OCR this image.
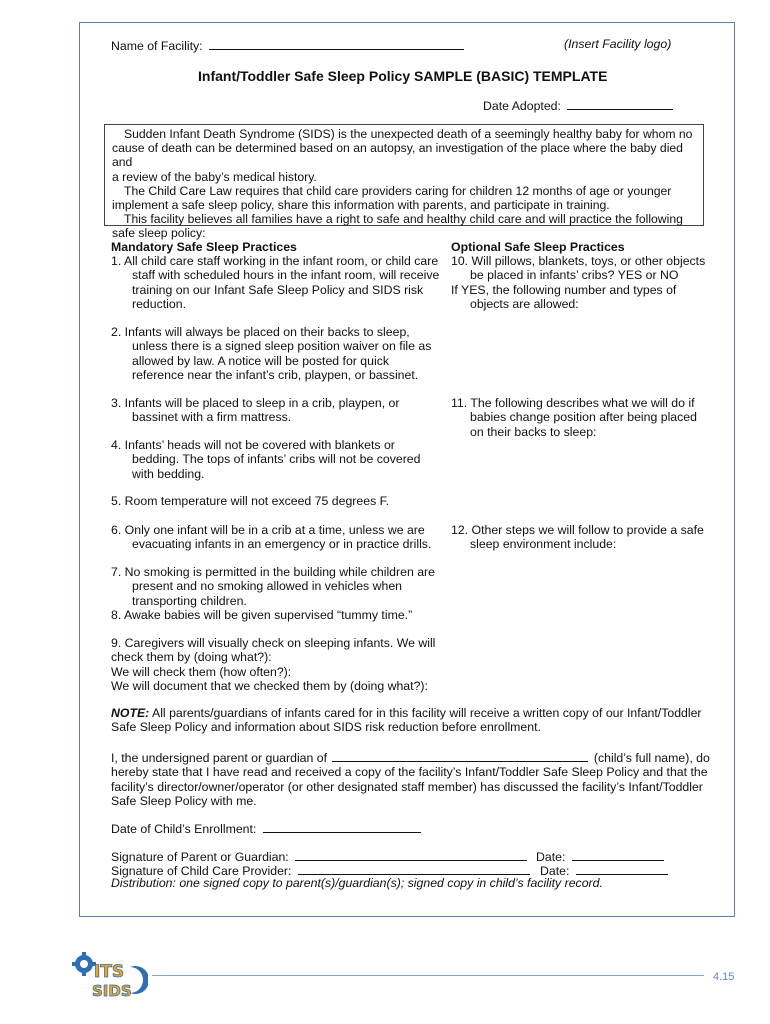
Name of Facility:	(Insert Facility logo)
Infant/Toddler Safe Sleep Policy SAMPLE (BASIC) TEMPLATE
Date Adopted:

Sudden Infant Death Syndrome (SIDS) is the unexpected death of a seemingly healthy baby for whom no

cause of death can be determined based on an autopsy, an investigation of the place where the baby died and

a review of the baby’s medical history.

The Child Care Law requires that child care providers caring for children 12 months of age or younger

implement a safe sleep policy, share this information with parents, and participate in training.

This facility believes all families have a right to safe and healthy child care and will practice the following

safe sleep policy:

Mandatory Safe Sleep Practices
1. All child care staff working in the infant room, or child care
staff with scheduled hours in the infant room, will receive
training on our Infant Safe Sleep Policy and SIDS risk
reduction.
2. Infants will always be placed on their backs to sleep,
unless there is a signed sleep position waiver on file as
allowed by law. A notice will be posted for quick
reference near the infant’s crib, playpen, or bassinet.
3. Infants will be placed to sleep in a crib, playpen, or
bassinet with a firm mattress.
4. Infants’ heads will not be covered with blankets or
bedding. The tops of infants’ cribs will not be covered
with bedding.
5. Room temperature will not exceed 75 degrees F.
6. Only one infant will be in a crib at a time, unless we are
evacuating infants in an emergency or in practice drills.
7. No smoking is permitted in the building while children are
present and no smoking allowed in vehicles when
transporting children.
8. Awake babies will be given supervised “tummy time.”
9. Caregivers will visually check on sleeping infants. We will
check them by (doing what?):
We will check them (how often?):
We will document that we checked them by (doing what?):
Optional Safe Sleep Practices
10. Will pillows, blankets, toys, or other objects
be placed in infants’ cribs? YES or NO
If YES, the following number and types of
objects are allowed:
11. The following describes what we will do if
babies change position after being placed
on their backs to sleep:
12. Other steps we will follow to provide a safe
sleep environment include:
NOTE: All parents/guardians of infants cared for in this facility will receive a written copy of our Infant/Toddler
Safe Sleep Policy and information about SIDS risk reduction before enrollment.
I, the undersigned parent or guardian of	(child’s full name), do
hereby state that I have read and received a copy of the facility’s Infant/Toddler Safe Sleep Policy and that the
facility’s director/owner/operator (or other designated staff member) has discussed the facility’s Infant/Toddler
Safe Sleep Policy with me.
Date of Child’s Enrollment:
Signature of Parent or Guardian:	Date:
Signature of Child Care Provider:	Date:
Distribution: one signed copy to parent(s)/guardian(s); signed copy in child’s facility record.
ITS
SIDS
4.15
